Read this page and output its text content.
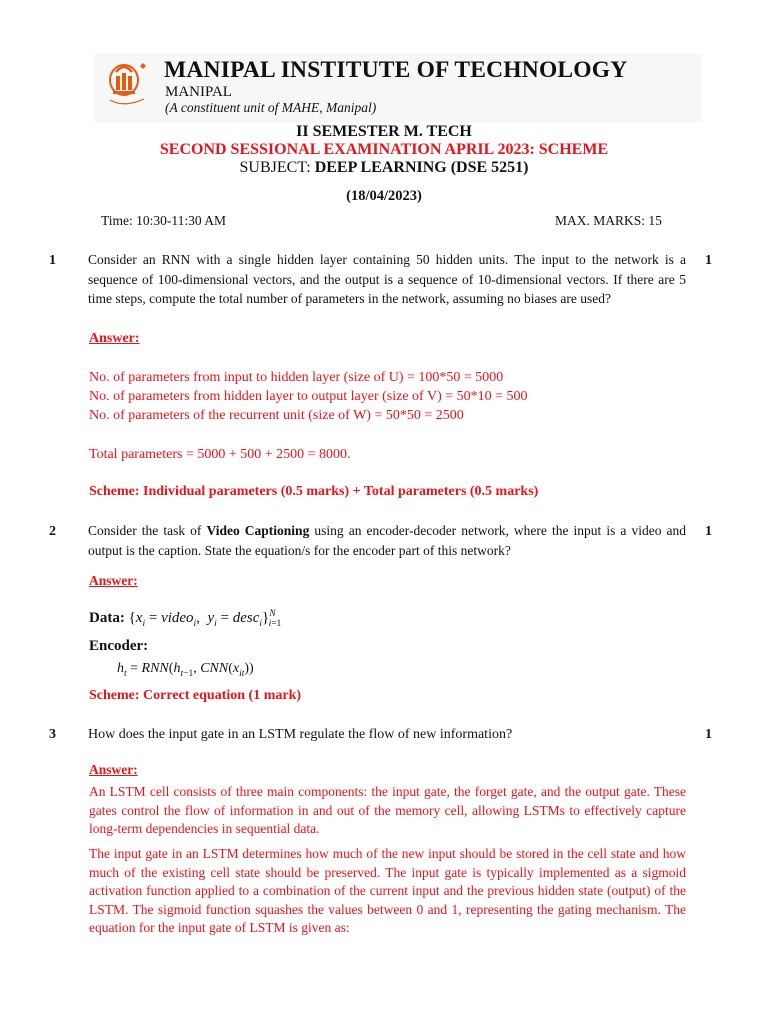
MANIPAL INSTITUTE OF TECHNOLOGY
MANIPAL
(A constituent unit of MAHE, Manipal)
II SEMESTER M. TECH
SECOND SESSIONAL EXAMINATION APRIL 2023: SCHEME
SUBJECT: DEEP LEARNING (DSE 5251)
(18/04/2023)
Time: 10:30-11:30 AM	MAX. MARKS: 15
1	1
Consider an RNN with a single hidden layer containing 50 hidden units. The input to the network is a sequence of 100-dimensional vectors, and the output is a sequence of 10-dimensional vectors. If there are 5 time steps, compute the total number of parameters in the network, assuming no biases are used?
Answer:
No. of parameters from input to hidden layer (size of U) = 100*50 = 5000
No. of parameters from hidden layer to output layer (size of V) = 50*10 = 500
No. of parameters of the recurrent unit (size of W) = 50*50 = 2500
Total parameters = 5000 + 500 + 2500 = 8000.
Scheme: Individual parameters (0.5 marks) + Total parameters (0.5 marks)
2	1
Consider the task of Video Captioning using an encoder-decoder network, where the input is a video and output is the caption. State the equation/s for the encoder part of this network?
Answer:
Data: {$x_i$ = video$_i$,  $y_i$ = desc$_i$}$^N_{i=1}$
Encoder:
$h_t = RNN(h_{t-1}$, $CNN(x_{it})$)
Scheme: Correct equation (1 mark)
3	1
How does the input gate in an LSTM regulate the flow of new information?
Answer:
An LSTM cell consists of three main components: the input gate, the forget gate, and the output gate. These gates control the flow of information in and out of the memory cell, allowing LSTMs to effectively capture long-term dependencies in sequential data.
The input gate in an LSTM determines how much of the new input should be stored in the cell state and how much of the existing cell state should be preserved. The input gate is typically implemented as a sigmoid activation function applied to a combination of the current input and the previous hidden state (output) of the LSTM. The sigmoid function squashes the values between 0 and 1, representing the gating mechanism. The equation for the input gate of LSTM is given as:
